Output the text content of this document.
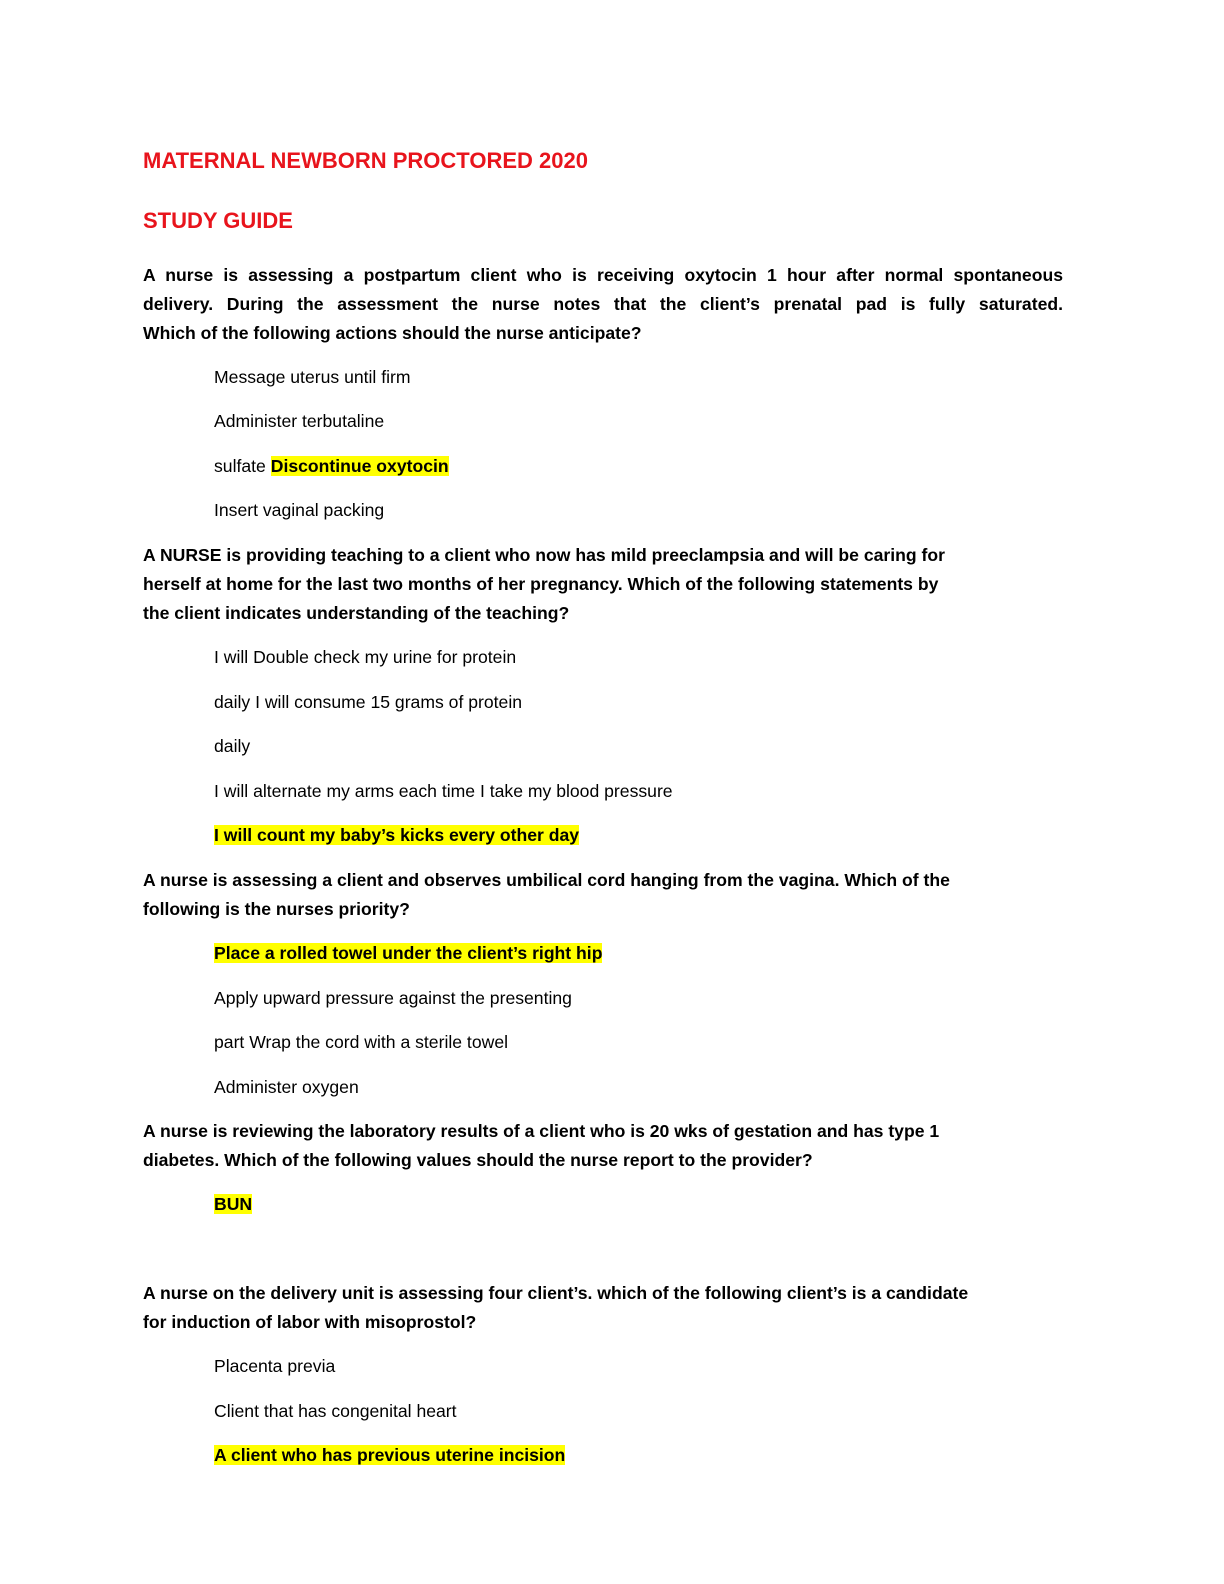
MATERNAL NEWBORN PROCTORED 2020
STUDY GUIDE
A nurse is assessing a postpartum client who is receiving oxytocin 1 hour after normal spontaneous
delivery. During the assessment the nurse notes that the client’s prenatal pad is fully saturated.
Which of the following actions should the nurse anticipate?
Message uterus until firm
Administer terbutaline
sulfate Discontinue oxytocin
Insert vaginal packing
A NURSE is providing teaching to a client who now has mild preeclampsia and will be caring for
herself at home for the last two months of her pregnancy. Which of the following statements by
the client indicates understanding of the teaching?
I will Double check my urine for protein
daily I will consume 15 grams of protein
daily
I will alternate my arms each time I take my blood pressure
I will count my baby’s kicks every other day
A nurse is assessing a client and observes umbilical cord hanging from the vagina. Which of the
following is the nurses priority?
Place a rolled towel under the client’s right hip
Apply upward pressure against the presenting
part Wrap the cord with a sterile towel
Administer oxygen
A nurse is reviewing the laboratory results of a client who is 20 wks of gestation and has type 1
diabetes. Which of the following values should the nurse report to the provider?
BUN
A nurse on the delivery unit is assessing four client’s. which of the following client’s is a candidate
for induction of labor with misoprostol?
Placenta previa
Client that has congenital heart
A client who has previous uterine incision
